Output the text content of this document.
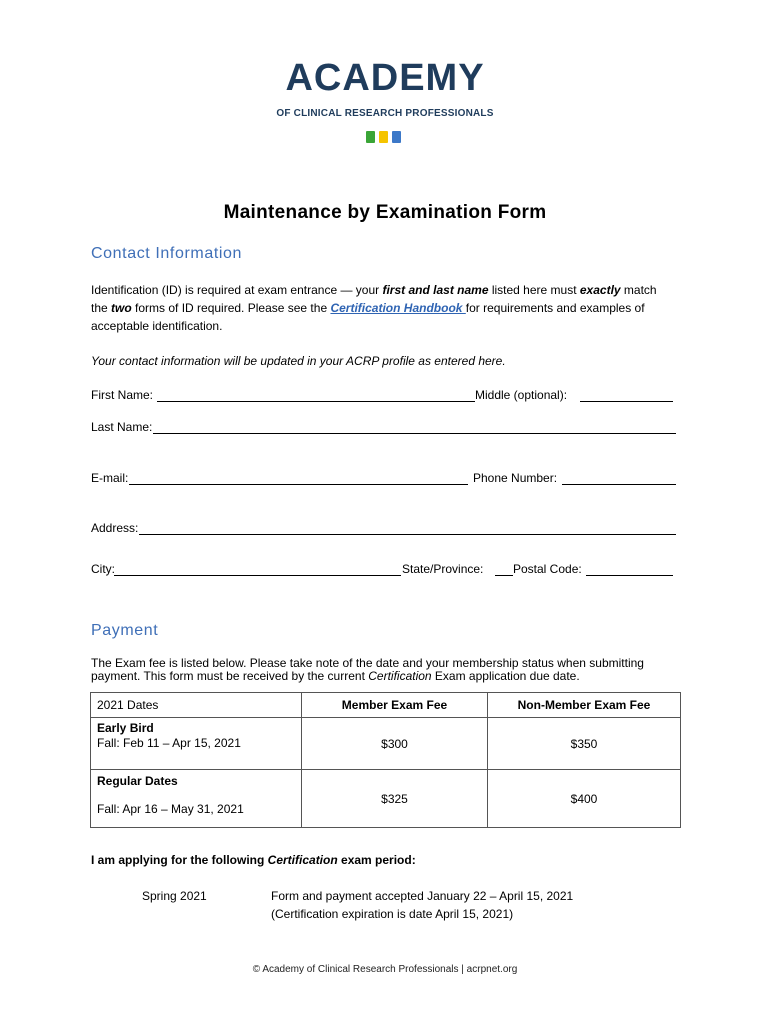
ACADEMY
OF CLINICAL RESEARCH PROFESSIONALS
Maintenance by Examination Form
Contact Information
Identification (ID) is required at exam entrance — your first and last name listed here must exactly match the two forms of ID required. Please see the Certification Handbook for requirements and examples of acceptable identification.
Your contact information will be updated in your ACRP profile as entered here.
First Name:	Middle (optional):
Last Name:
E-mail:	Phone Number:
Address:
City:	State/Province: Postal Code:
Payment
The Exam fee is listed below. Please take note of the date and your membership status when submitting payment. This form must be received by the current Certification Exam application due date.
2021 Dates	Member Exam Fee	Non-Member Exam Fee

Early Bird
Fall: Feb 11 – Apr 15, 2021	$300	$350

Regular Dates
Fall: Apr 16 – May 31, 2021	$325	$400
I am applying for the following Certification exam period:
Spring 2021	Form and payment accepted January 22 – April 15, 2021
(Certification expiration is date April 15, 2021)
© Academy of Clinical Research Professionals | acrpnet.org
